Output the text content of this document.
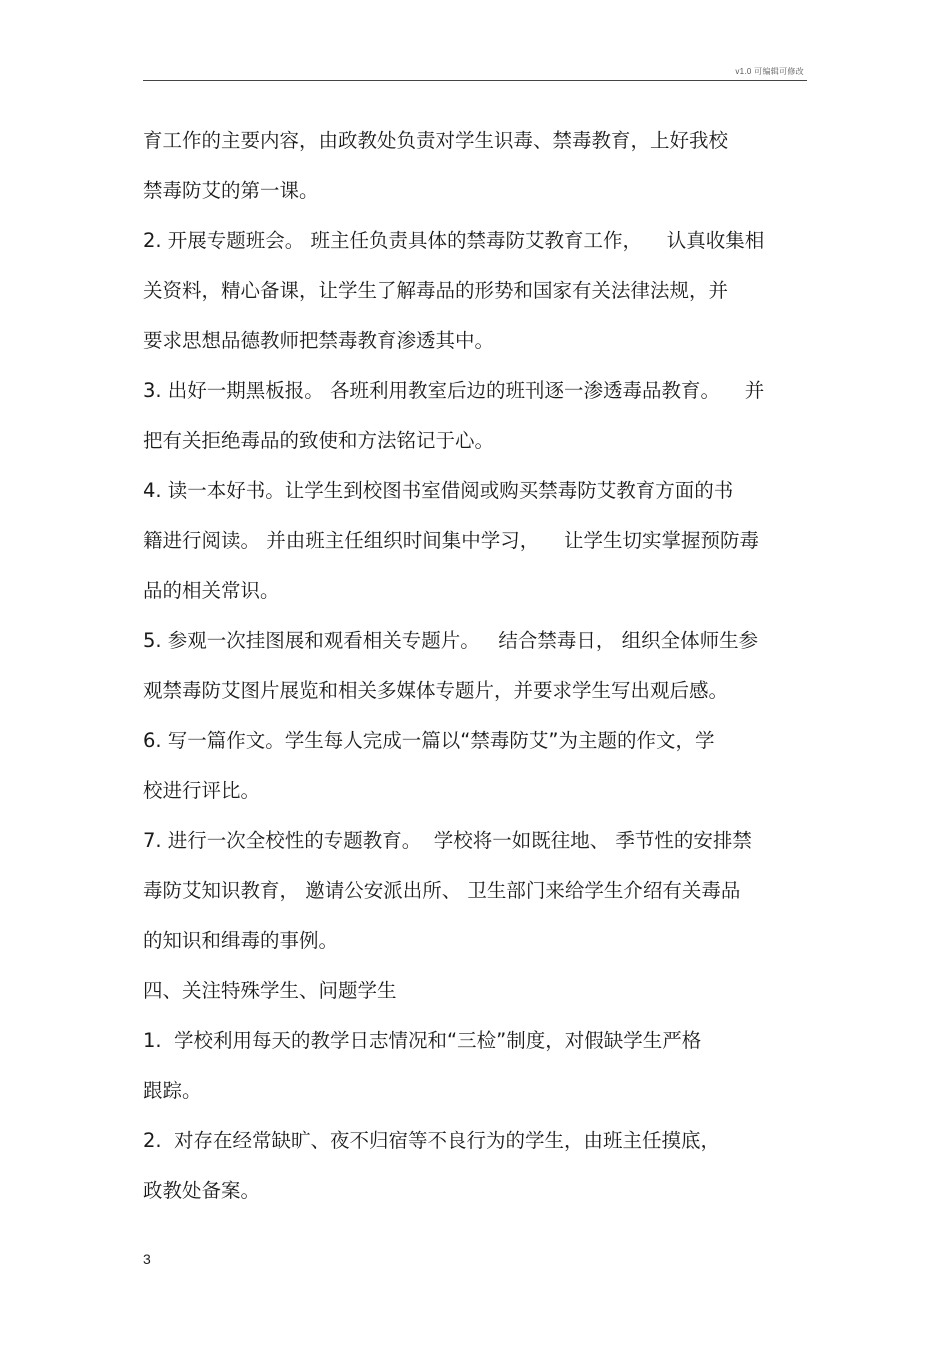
v1.0 可编辑可修改
育工作的主要内容，由政教处负责对学生识毒、禁毒教育，上好我校
禁毒防艾的第一课。
2. 开展专题班会。 班主任负责具体的禁毒防艾教育工作，    认真收集相
关资料，精心备课，让学生了解毒品的形势和国家有关法律法规，并
要求思想品德教师把禁毒教育渗透其中。
3. 出好一期黑板报。 各班利用教室后边的班刊逐一渗透毒品教育。    并
把有关拒绝毒品的致使和方法铭记于心。
4. 读一本好书。让学生到校图书室借阅或购买禁毒防艾教育方面的书
籍进行阅读。 并由班主任组织时间集中学习，    让学生切实掌握预防毒
品的相关常识。
5. 参观一次挂图展和观看相关专题片。   结合禁毒日， 组织全体师生参
观禁毒防艾图片展览和相关多媒体专题片，并要求学生写出观后感。
6. 写一篇作文。学生每人完成一篇以“禁毒防艾”为主题的作文，学
校进行评比。
7. 进行一次全校性的专题教育。  学校将一如既往地、 季节性的安排禁
毒防艾知识教育， 邀请公安派出所、 卫生部门来给学生介绍有关毒品
的知识和缉毒的事例。
四、关注特殊学生、问题学生
1.  学校利用每天的教学日志情况和“三检”制度，对假缺学生严格
跟踪。
2.  对存在经常缺旷、夜不归宿等不良行为的学生，由班主任摸底，
政教处备案。
3
